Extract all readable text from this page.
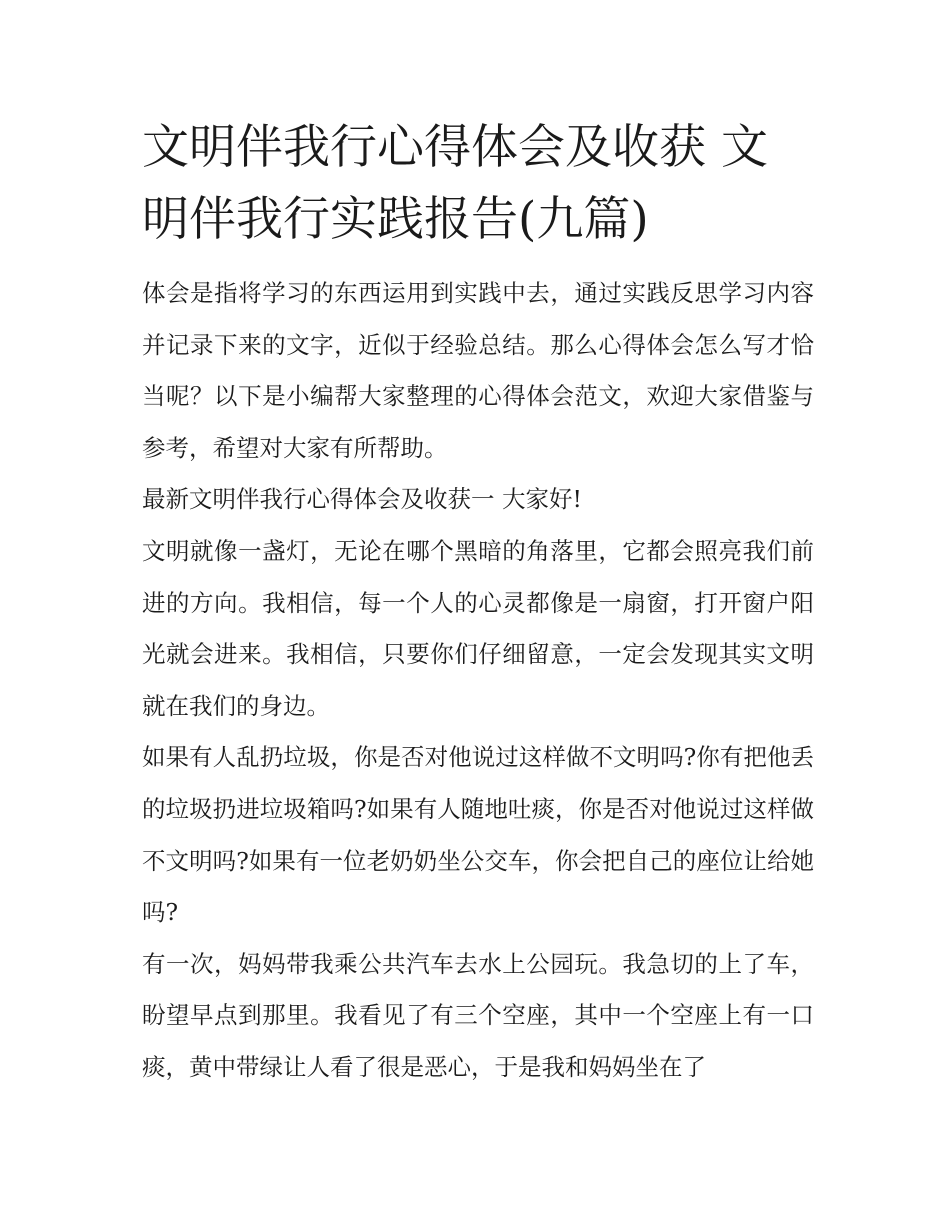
文明伴我行心得体会及收获 文明伴我行实践报告(九篇)

体会是指将学习的东西运用到实践中去，通过实践反思学习内容并记录下来的文字，近似于经验总结。那么心得体会怎么写才恰当呢？以下是小编帮大家整理的心得体会范文，欢迎大家借鉴与参考，希望对大家有所帮助。

最新文明伴我行心得体会及收获一 大家好!

文明就像一盏灯，无论在哪个黑暗的角落里，它都会照亮我们前进的方向。我相信，每一个人的心灵都像是一扇窗，打开窗户阳光就会进来。我相信，只要你们仔细留意，一定会发现其实文明就在我们的身边。

如果有人乱扔垃圾，你是否对他说过这样做不文明吗?你有把他丢的垃圾扔进垃圾箱吗?如果有人随地吐痰，你是否对他说过这样做不文明吗?如果有一位老奶奶坐公交车，你会把自己的座位让给她吗?

有一次，妈妈带我乘公共汽车去水上公园玩。我急切的上了车，盼望早点到那里。我看见了有三个空座，其中一个空座上有一口痰，黄中带绿让人看了很是恶心，于是我和妈妈坐在了
